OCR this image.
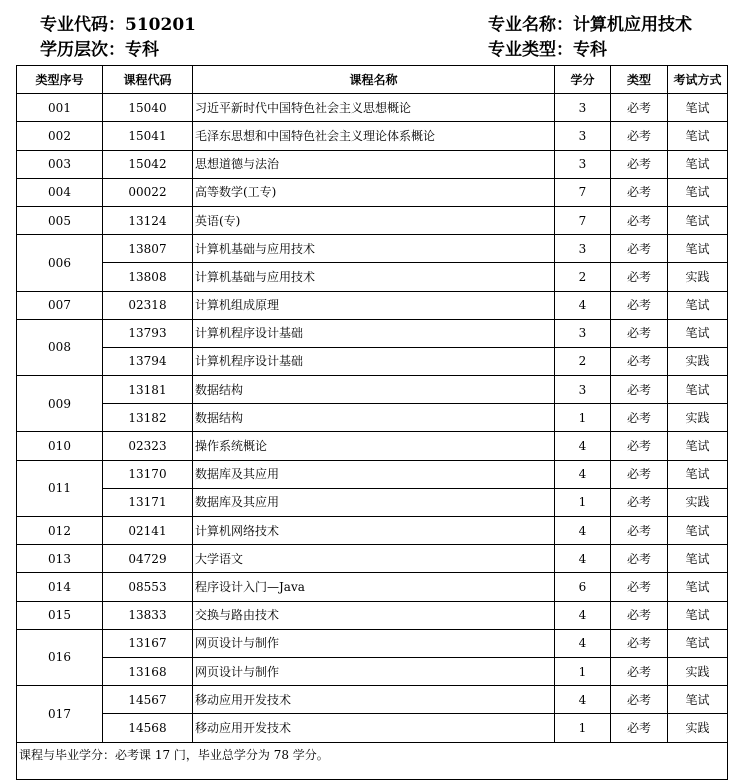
专业代码：510201	专业名称：计算机应用技术
学历层次：专科	专业类型：专科
类型序号	课程代码	课程名称	学分	类型	考试方式
001	15040	习近平新时代中国特色社会主义思想概论	3	必考	笔试
002	15041	毛泽东思想和中国特色社会主义理论体系概论	3	必考	笔试
003	15042	思想道德与法治	3	必考	笔试
004	00022	高等数学(工专)	7	必考	笔试
005	13124	英语(专)	7	必考	笔试
006	13807	计算机基础与应用技术	3	必考	笔试
	13808	计算机基础与应用技术	2	必考	实践
007	02318	计算机组成原理	4	必考	笔试
008	13793	计算机程序设计基础	3	必考	笔试
	13794	计算机程序设计基础	2	必考	实践
009	13181	数据结构	3	必考	笔试
	13182	数据结构	1	必考	实践
010	02323	操作系统概论	4	必考	笔试
011	13170	数据库及其应用	4	必考	笔试
	13171	数据库及其应用	1	必考	实践
012	02141	计算机网络技术	4	必考	笔试
013	04729	大学语文	4	必考	笔试
014	08553	程序设计入门—Java	6	必考	笔试
015	13833	交换与路由技术	4	必考	笔试
016	13167	网页设计与制作	4	必考	笔试
	13168	网页设计与制作	1	必考	实践
017	14567	移动应用开发技术	4	必考	笔试
	14568	移动应用开发技术	1	必考	实践
课程与毕业学分：必考课 17 门，毕业总学分为 78 学分。					
